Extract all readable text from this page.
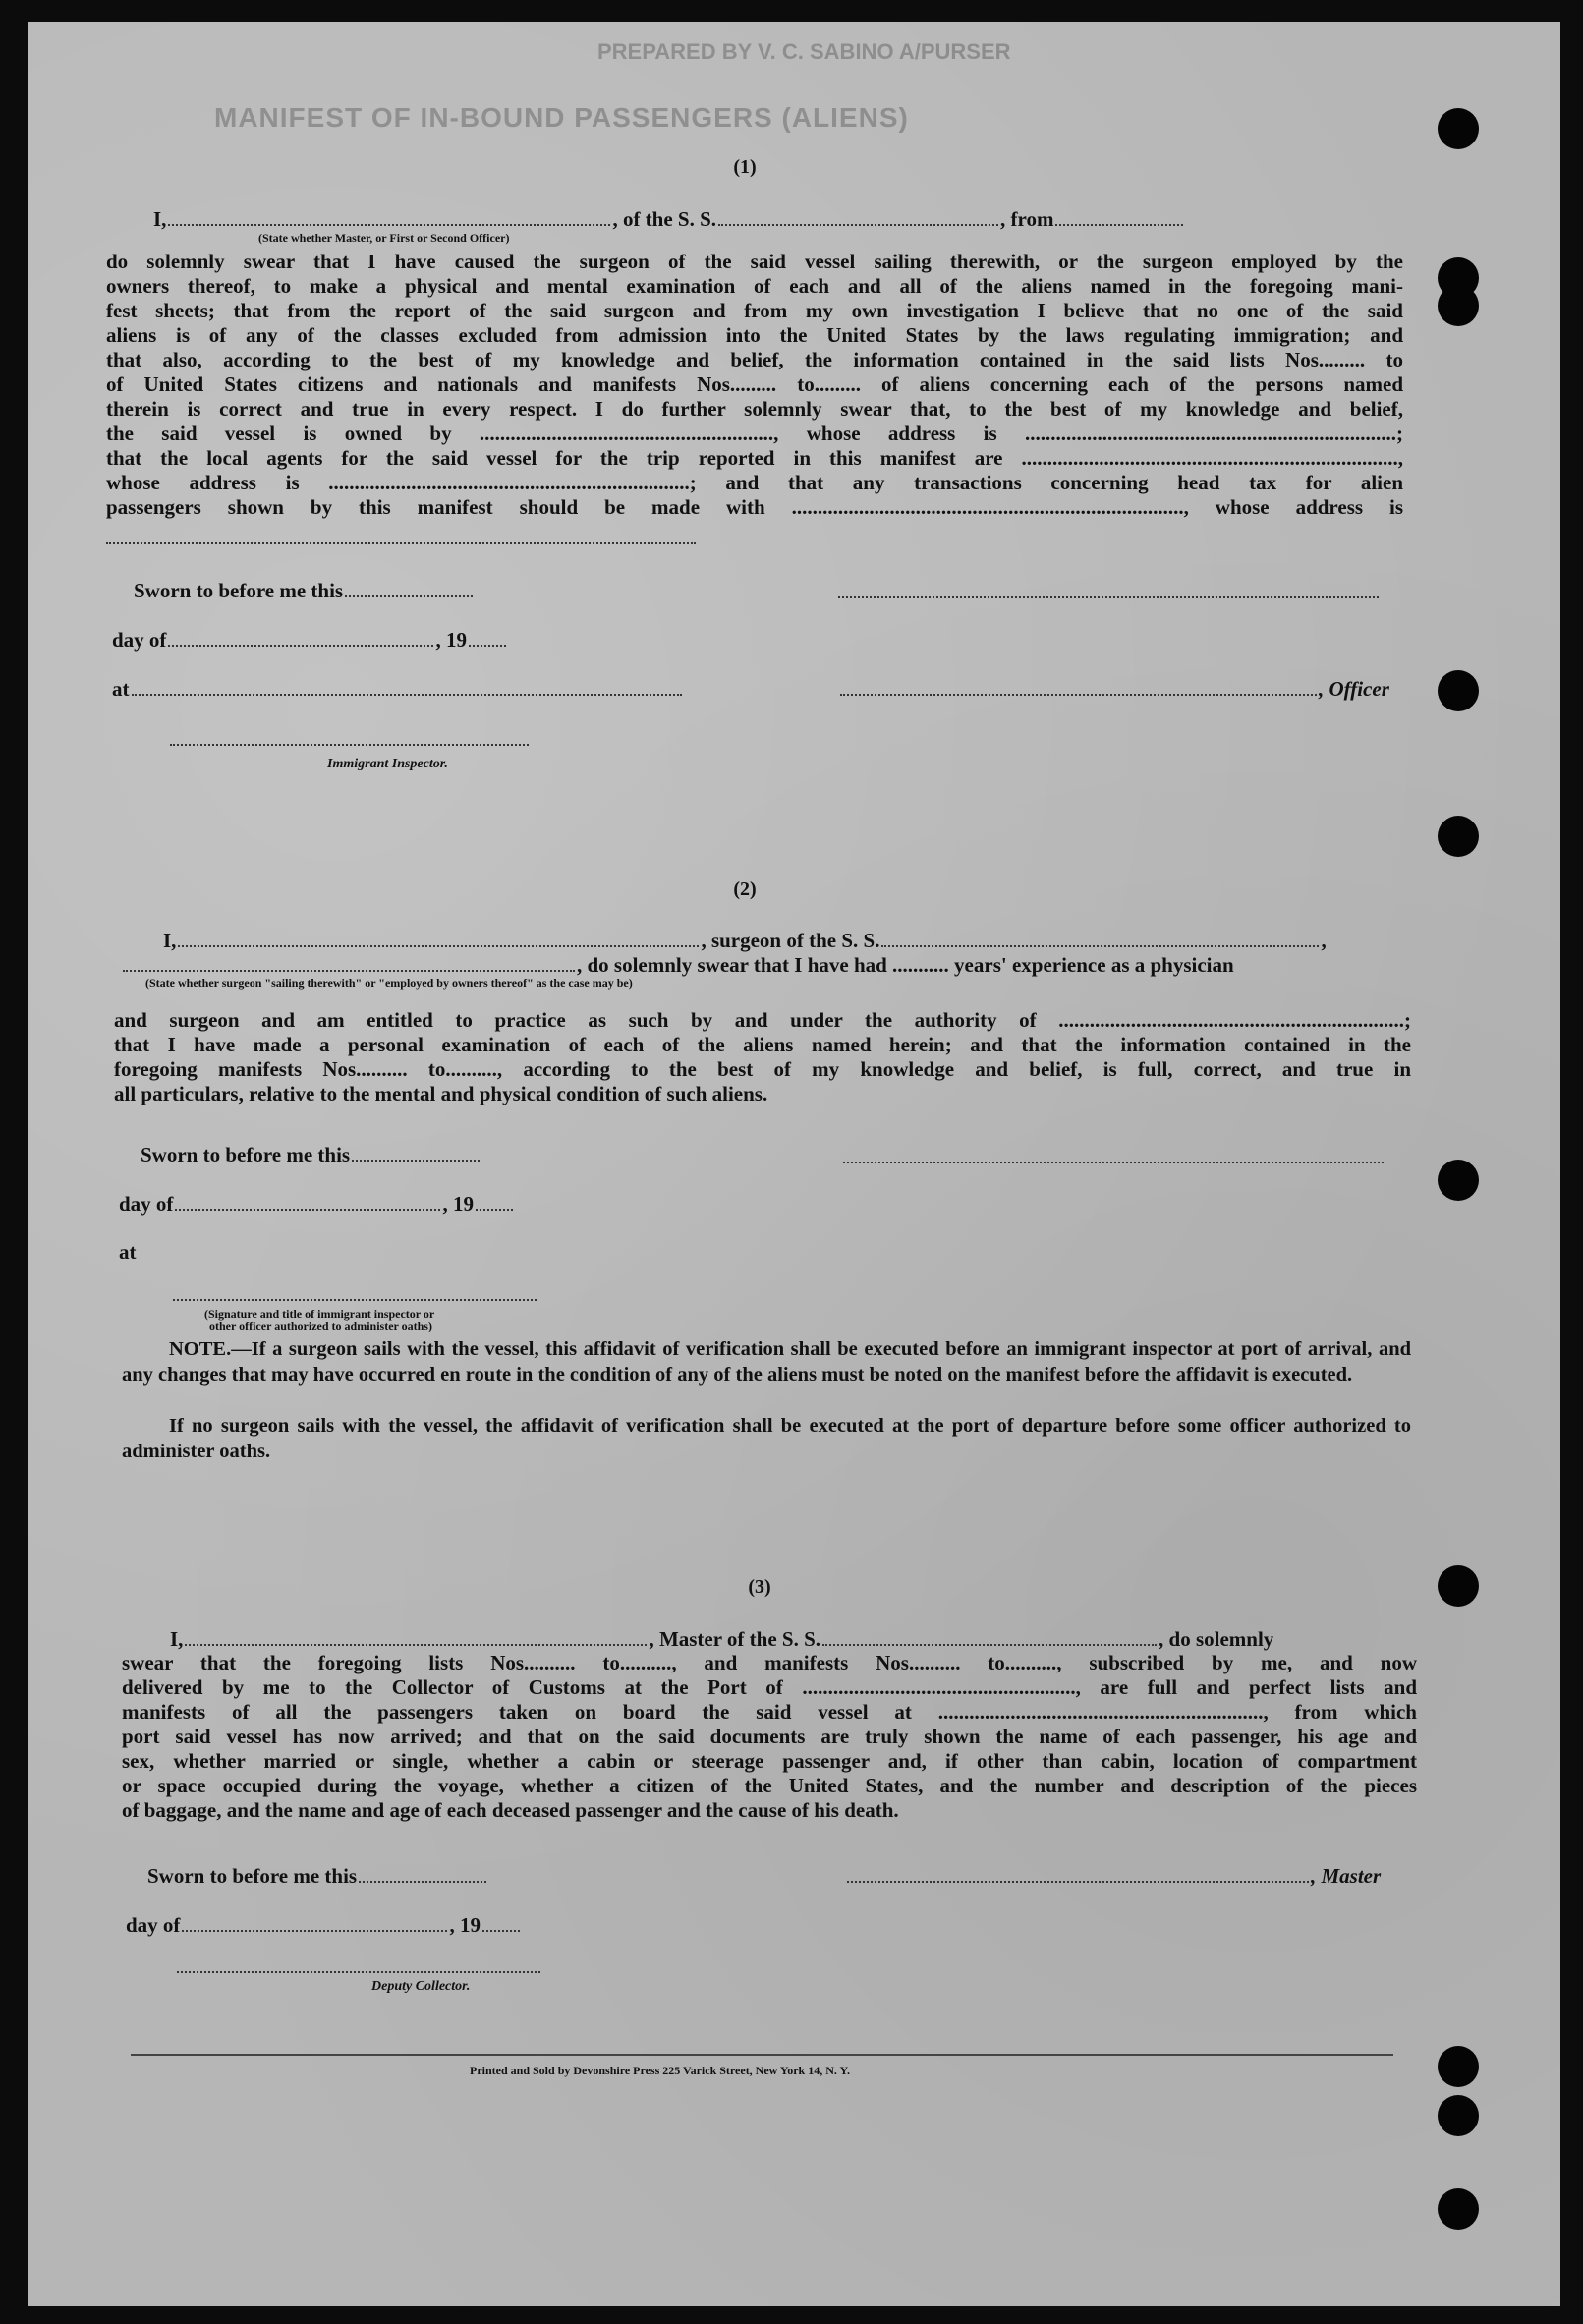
PREPARED BY V. C. SABINO A/PURSER
MANIFEST OF IN-BOUND PASSENGERS (ALIENS)
(1)
I,	, of the S. S.	, from
(State whether Master, or First or Second Officer)
do solemnly swear that I have caused the surgeon of the said vessel sailing therewith, or the surgeon employed by the
owners thereof, to make a physical and mental examination of each and all of the aliens named in the foregoing mani-
fest sheets; that from the report of the said surgeon and from my own investigation I believe that no one of the said
aliens is of any of the classes excluded from admission into the United States by the laws regulating immigration; and
that also, according to the best of my knowledge and belief, the information contained in the said lists Nos......... to
of United States citizens and nationals and manifests Nos......... to......... of aliens concerning each of the persons named
therein is correct and true in every respect. I do further solemnly swear that, to the best of my knowledge and belief,
the said vessel is owned by ........................................................., whose address is ........................................................................;
that the local agents for the said vessel for the trip reported in this manifest are .........................................................................,
whose address is ......................................................................; and that any transactions concerning head tax for alien
passengers shown by this manifest should be made with ............................................................................, whose address is
Sworn to before me this
day of	, 19
at	, Officer
Immigrant Inspector.
(2)
I,	, surgeon of the S. S.	,
, do solemnly swear that I have had ........... years' experience as a physician
(State whether surgeon "sailing therewith" or "employed by owners thereof" as the case may be)
and surgeon and am entitled to practice as such by and under the authority of ...................................................................;
that I have made a personal examination of each of the aliens named herein; and that the information contained in the
foregoing manifests Nos.......... to.........., according to the best of my knowledge and belief, is full, correct, and true in
all particulars, relative to the mental and physical condition of such aliens.
Sworn to before me this
day of	, 19
at
(Signature and title of immigrant inspector or
other officer authorized to administer oaths)
NOTE.—If a surgeon sails with the vessel, this affidavit of verification shall be executed before an immigrant inspector at port of arrival, and any changes that may have occurred en route in the condition of any of the aliens must be noted on the manifest before the affidavit is executed.
If no surgeon sails with the vessel, the affidavit of verification shall be executed at the port of departure before some officer authorized to administer oaths.
(3)
I,	, Master of the S. S.	, do solemnly
swear that the foregoing lists Nos.......... to.........., and manifests Nos.......... to.........., subscribed by me, and now
delivered by me to the Collector of Customs at the Port of ....................................................., are full and perfect lists and
manifests of all the passengers taken on board the said vessel at ..............................................................., from which
port said vessel has now arrived; and that on the said documents are truly shown the name of each passenger, his age and
sex, whether married or single, whether a cabin or steerage passenger and, if other than cabin, location of compartment
or space occupied during the voyage, whether a citizen of the United States, and the number and description of the pieces
of baggage, and the name and age of each deceased passenger and the cause of his death.
Sworn to before me this	, Master
day of	, 19
Deputy Collector.
Printed and Sold by Devonshire Press 225 Varick Street, New York 14, N. Y.
